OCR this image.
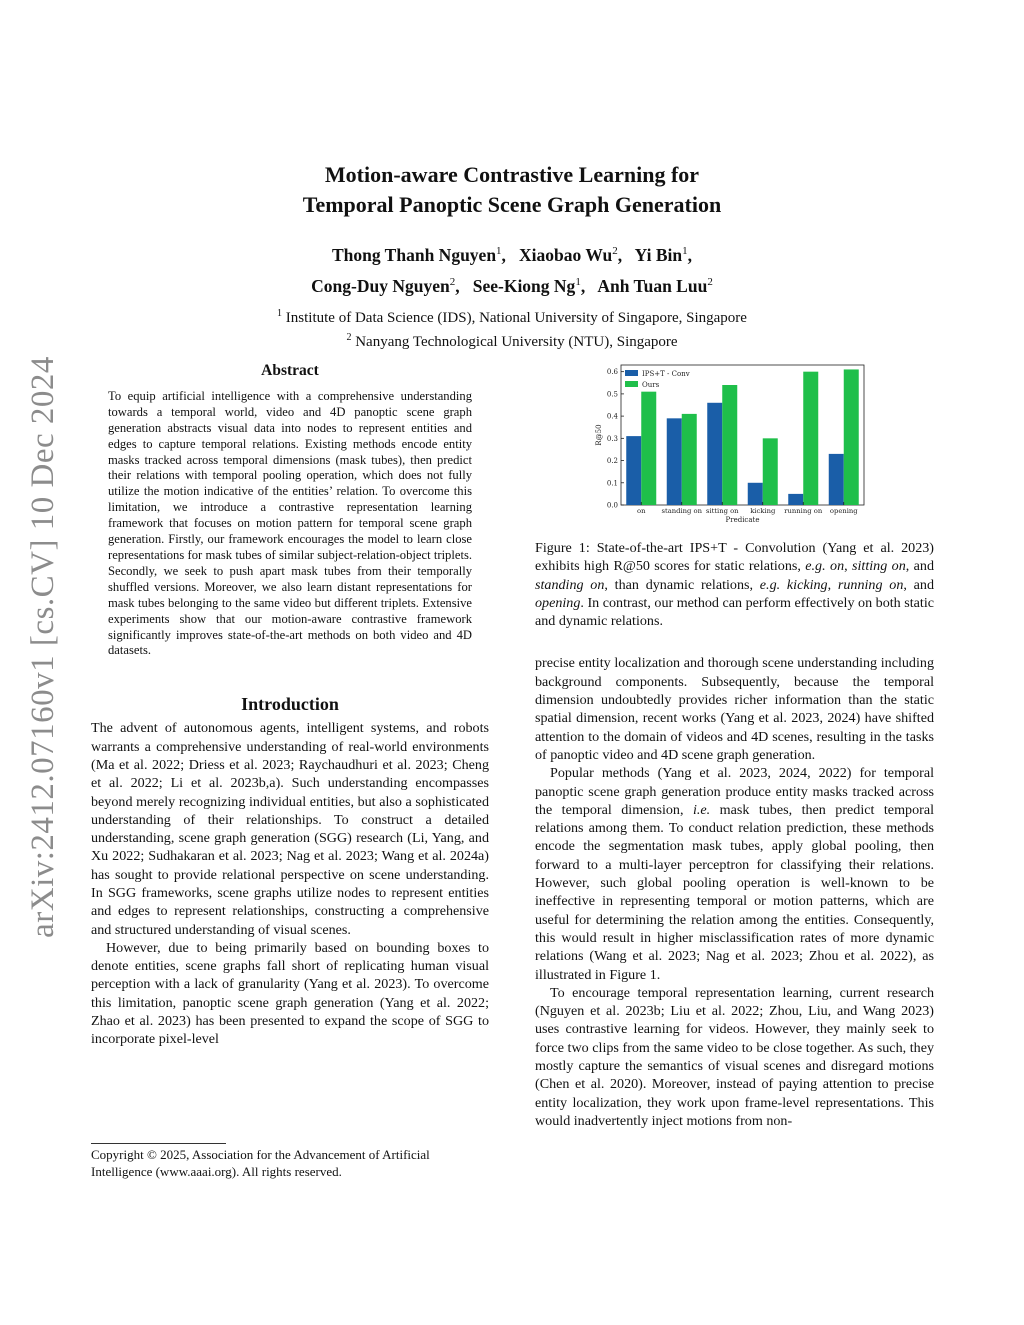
arXiv:2412.07160v1 [cs.CV] 10 Dec 2024
Motion-aware Contrastive Learning for
Temporal Panoptic Scene Graph Generation
Thong Thanh Nguyen$^1$,   Xiaobao Wu$^2$,   Yi Bin$^1$,
Cong-Duy Nguyen$^2$,   See-Kiong Ng$^1$,   Anh Tuan Luu$^2$
$^1$ Institute of Data Science (IDS), National University of Singapore, Singapore
$^2$ Nanyang Technological University (NTU), Singapore
Abstract

To equip artificial intelligence with a comprehensive understanding towards a temporal world, video and 4D panoptic scene graph generation abstracts visual data into nodes to represent entities and edges to capture temporal relations. Existing methods encode entity masks tracked across temporal dimensions (mask tubes), then predict their relations with temporal pooling operation, which does not fully utilize the motion indicative of the entities’ relation. To overcome this limitation, we introduce a contrastive representation learning framework that focuses on motion pattern for temporal scene graph generation. Firstly, our framework encourages the model to learn close representations for mask tubes of similar subject-relation-object triplets. Secondly, we seek to push apart mask tubes from their temporally shuffled versions. Moreover, we also learn distant representations for mask tubes belonging to the same video but different triplets. Extensive experiments show that our motion-aware contrastive framework significantly improves state-of-the-art methods on both video and 4D datasets.

Introduction

The advent of autonomous agents, intelligent systems, and robots warrants a comprehensive understanding of real-world environments (Ma et al. 2022; Driess et al. 2023; Raychaudhuri et al. 2023; Cheng et al. 2022; Li et al. 2023b,a). Such understanding encompasses beyond merely recognizing individual entities, but also a sophisticated understanding of their relationships. To construct a detailed understanding, scene graph generation (SGG) research (Li, Yang, and Xu 2022; Sudhakaran et al. 2023; Nag et al. 2023; Wang et al. 2024a) has sought to provide relational perspective on scene understanding. In SGG frameworks, scene graphs utilize nodes to represent entities and edges to represent relationships, constructing a comprehensive and structured understanding of visual scenes.

However, due to being primarily based on bounding boxes to denote entities, scene graphs fall short of replicating human visual perception with a lack of granularity (Yang et al. 2023). To overcome this limitation, panoptic scene graph generation (Yang et al. 2022; Zhao et al. 2023) has been presented to expand the scope of SGG to incorporate pixel-level

Copyright © 2025, Association for the Advancement of Artificial Intelligence (www.aaai.org). All rights reserved.
0.0
0.1
0.2
0.3
0.4
0.5
0.6
on standing on sitting on kicking running on opening
Predicate
R@50
IPS+T - Conv
Ours
Figure 1: State-of-the-art IPS+T - Convolution (Yang et al. 2023) exhibits high R@50 scores for static relations, e.g. on, sitting on, and standing on, than dynamic relations, e.g. kicking, running on, and opening. In contrast, our method can perform effectively on both static and dynamic relations.

precise entity localization and thorough scene understanding including background components. Subsequently, because the temporal dimension undoubtedly provides richer information than the static spatial dimension, recent works (Yang et al. 2023, 2024) have shifted attention to the domain of videos and 4D scenes, resulting in the tasks of panoptic video and 4D scene graph generation.

Popular methods (Yang et al. 2023, 2024, 2022) for temporal panoptic scene graph generation produce entity masks tracked across the temporal dimension, i.e. mask tubes, then predict temporal relations among them. To conduct relation prediction, these methods encode the segmentation mask tubes, apply global pooling, then forward to a multi-layer perceptron for classifying their relations. However, such global pooling operation is well-known to be ineffective in representing temporal or motion patterns, which are useful for determining the relation among the entities. Consequently, this would result in higher misclassification rates of more dynamic relations (Wang et al. 2023; Nag et al. 2023; Zhou et al. 2022), as illustrated in Figure 1.

To encourage temporal representation learning, current research (Nguyen et al. 2023b; Liu et al. 2022; Zhou, Liu, and Wang 2023) uses contrastive learning for videos. However, they mainly seek to force two clips from the same video to be close together. As such, they mostly capture the semantics of visual scenes and disregard motions (Chen et al. 2020). Moreover, instead of paying attention to precise entity localization, they work upon frame-level representations. This would inadvertently inject motions from non-
